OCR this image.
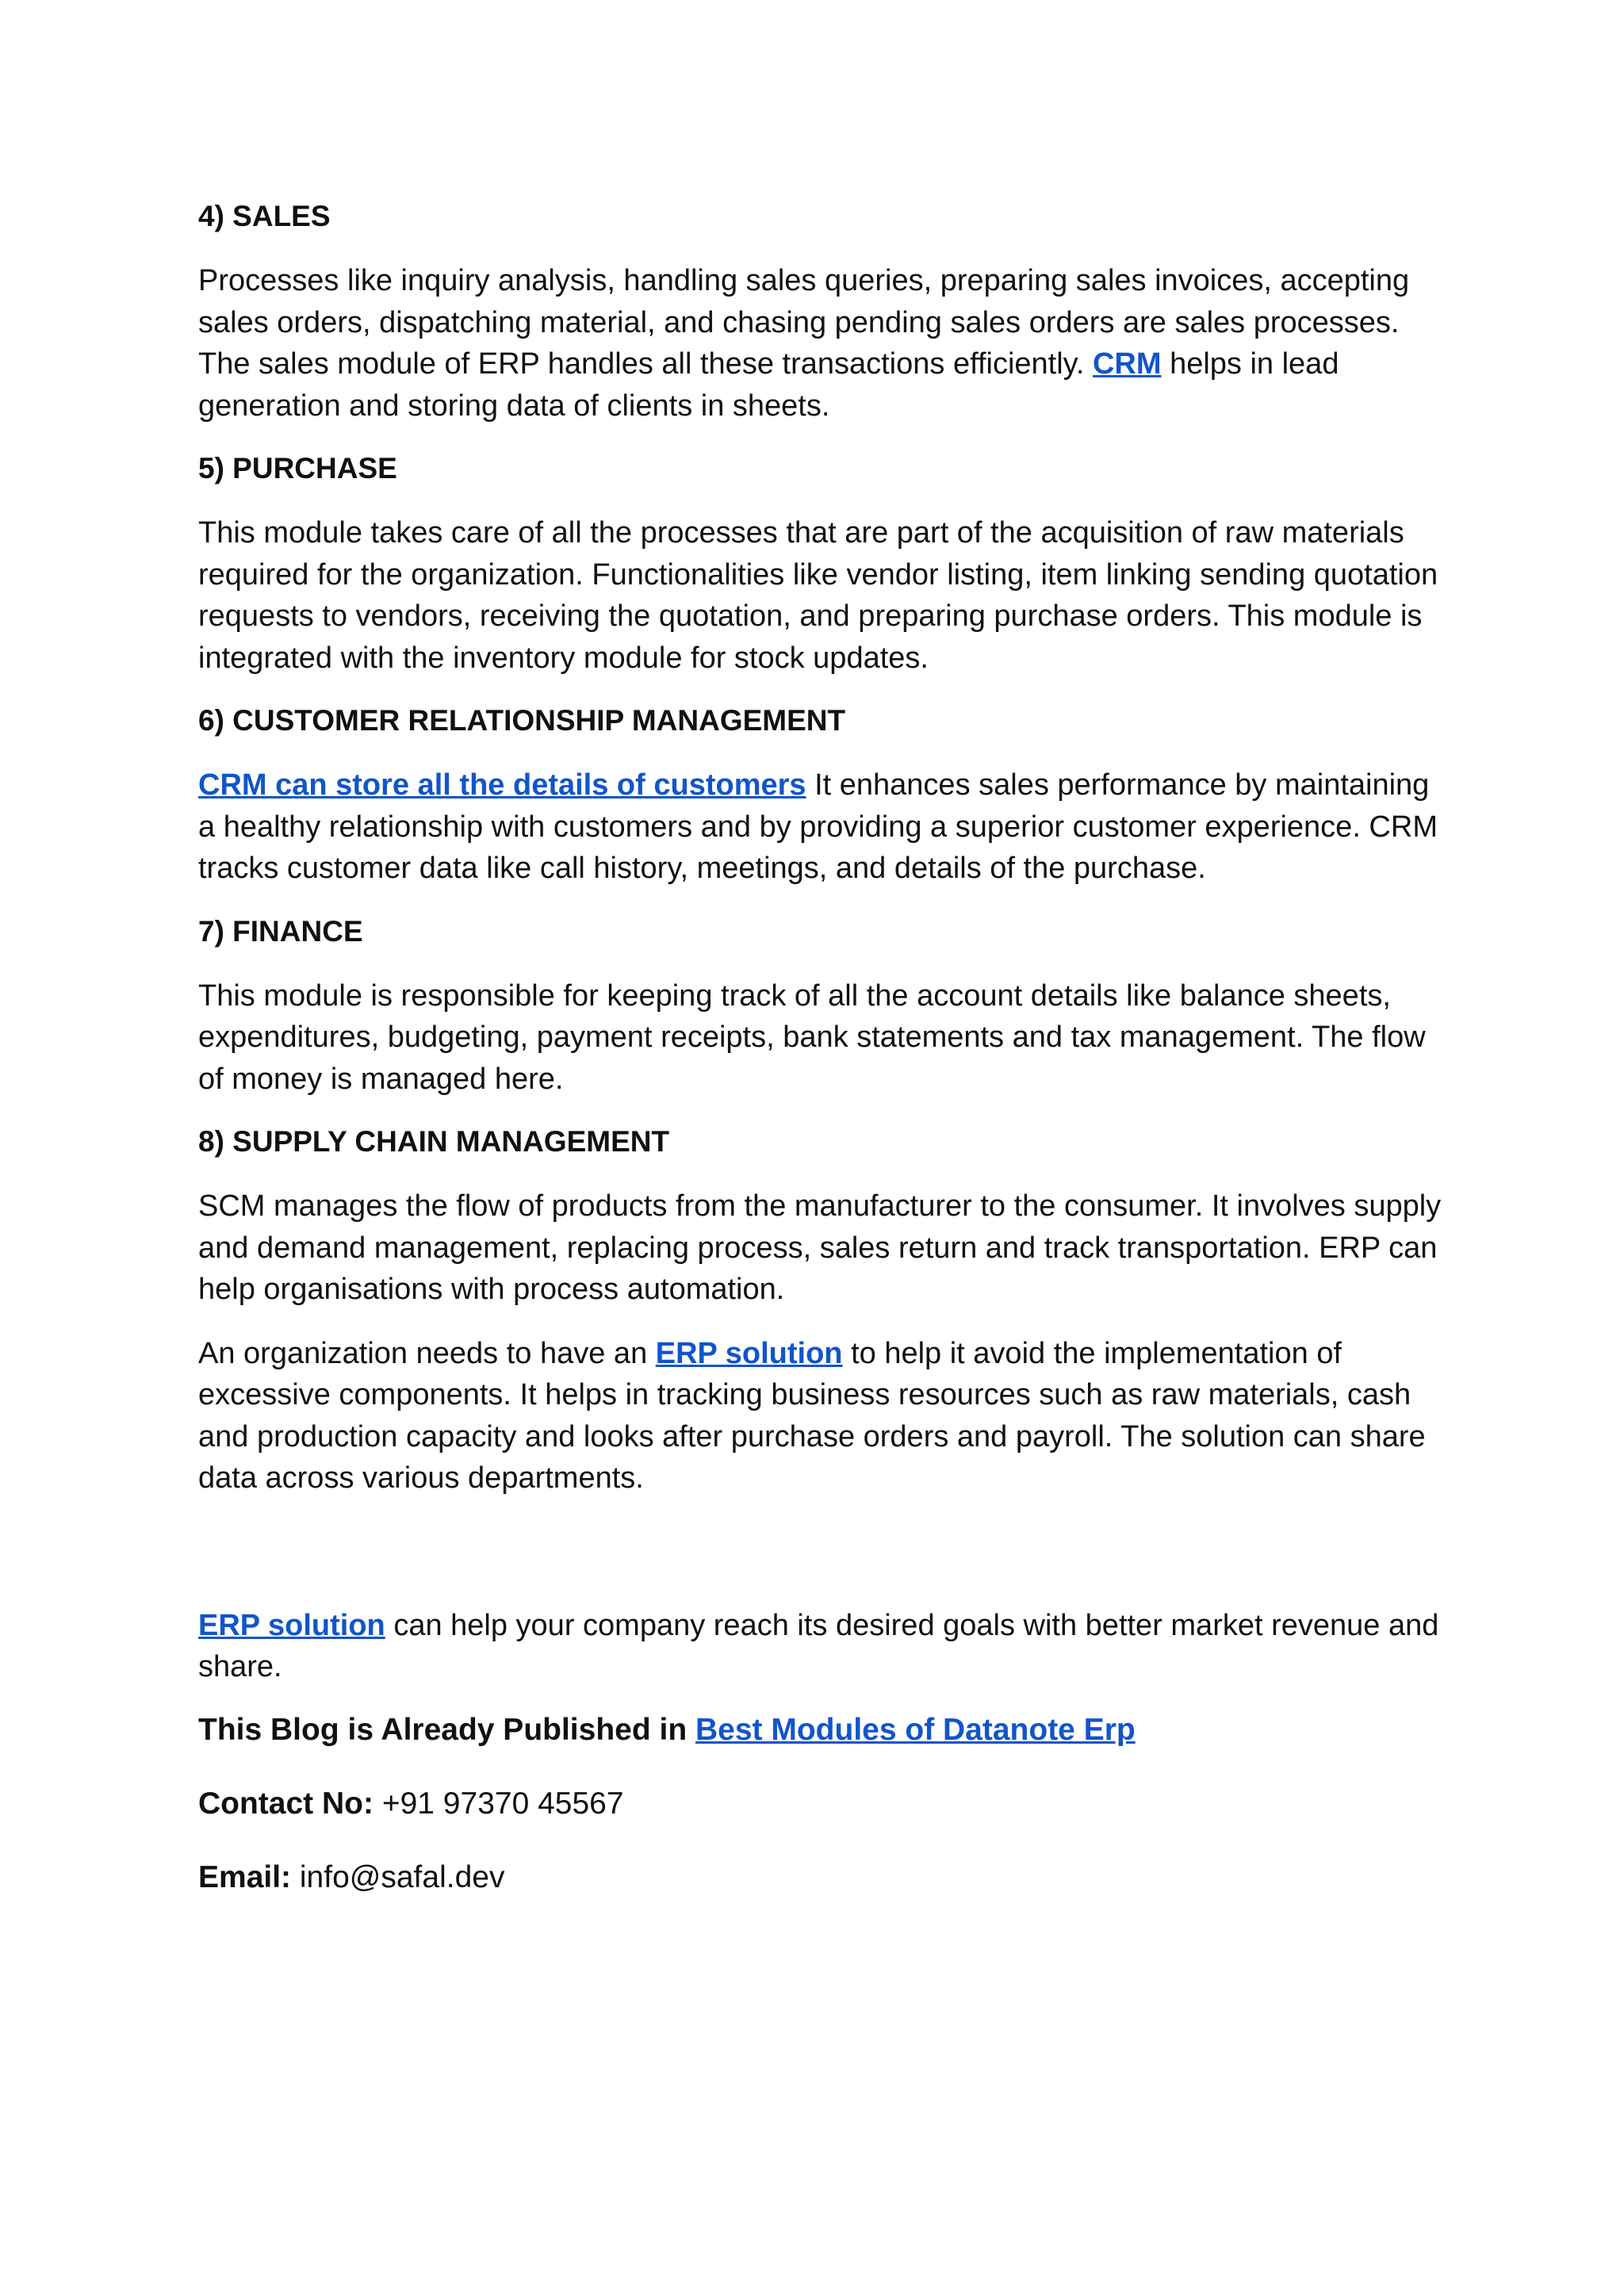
4) SALES

Processes like inquiry analysis, handling sales queries, preparing sales invoices, accepting sales orders, dispatching material, and chasing pending sales orders are sales processes. The sales module of ERP handles all these transactions efficiently. CRM helps in lead generation and storing data of clients in sheets.

5) PURCHASE

This module takes care of all the processes that are part of the acquisition of raw materials required for the organization. Functionalities like vendor listing, item linking sending quotation requests to vendors, receiving the quotation, and preparing purchase orders. This module is integrated with the inventory module for stock updates.

6) CUSTOMER RELATIONSHIP MANAGEMENT

CRM can store all the details of customers It enhances sales performance by maintaining a healthy relationship with customers and by providing a superior customer experience. CRM tracks customer data like call history, meetings, and details of the purchase.

7) FINANCE

This module is responsible for keeping track of all the account details like balance sheets, expenditures, budgeting, payment receipts, bank statements and tax management. The flow of money is managed here.

8) SUPPLY CHAIN MANAGEMENT

SCM manages the flow of products from the manufacturer to the consumer. It involves supply and demand management, replacing process, sales return and track transportation. ERP can help organisations with process automation.

An organization needs to have an ERP solution to help it avoid the implementation of excessive components. It helps in tracking business resources such as raw materials, cash and production capacity and looks after purchase orders and payroll. The solution can share data across various departments.

ERP solution can help your company reach its desired goals with better market revenue and share.

This Blog is Already Published in Best Modules of Datanote Erp

Contact No: +91 97370 45567

Email: info@safal.dev
